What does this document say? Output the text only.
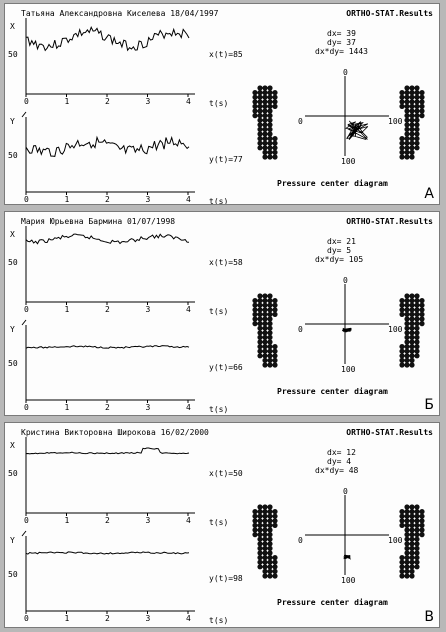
Татьяна Александровна Киселева 18/04/1997	ORTHO-STAT.Results
X
50	x(t)=85
t(s)
0	1	2	3	4
Y
50	y(t)=77
t(s)
0	1	2	3	4
dx= 39
dy= 37
dx*dy= 1443
0
0	100
100
Pressure center diagram
A
Мария Юрьевна Бармина 01/07/1998	ORTHO-STAT.Results
X
50	x(t)=58
t(s)
0	1	2	3	4
Y
50	y(t)=66
t(s)
0	1	2	3	4
dx= 21
dy= 5
dx*dy= 105
0
0	100
100
Pressure center diagram
Б
Кристина Викторовна Широкова 16/02/2000	ORTHO-STAT.Results
X
50	x(t)=50
t(s)
0	1	2	3	4
Y
50	y(t)=98
t(s)
0	1	2	3	4
dx= 12
dy= 4
dx*dy= 48
0
0	100
100
Pressure center diagram
В
